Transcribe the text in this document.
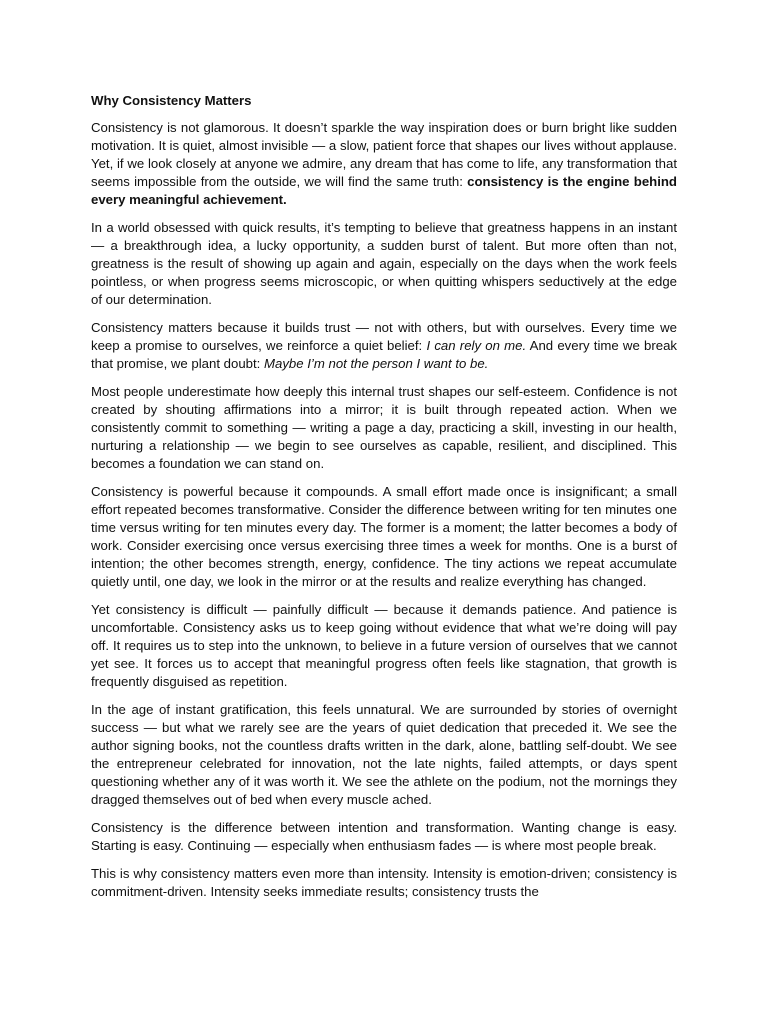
Why Consistency Matters

Consistency is not glamorous. It doesn’t sparkle the way inspiration does or burn bright like sudden motivation. It is quiet, almost invisible — a slow, patient force that shapes our lives without applause. Yet, if we look closely at anyone we admire, any dream that has come to life, any transformation that seems impossible from the outside, we will find the same truth: consistency is the engine behind every meaningful achievement.

In a world obsessed with quick results, it’s tempting to believe that greatness happens in an instant — a breakthrough idea, a lucky opportunity, a sudden burst of talent. But more often than not, greatness is the result of showing up again and again, especially on the days when the work feels pointless, or when progress seems microscopic, or when quitting whispers seductively at the edge of our determination.

Consistency matters because it builds trust — not with others, but with ourselves. Every time we keep a promise to ourselves, we reinforce a quiet belief: I can rely on me. And every time we break that promise, we plant doubt: Maybe I’m not the person I want to be.

Most people underestimate how deeply this internal trust shapes our self-esteem. Confidence is not created by shouting affirmations into a mirror; it is built through repeated action. When we consistently commit to something — writing a page a day, practicing a skill, investing in our health, nurturing a relationship — we begin to see ourselves as capable, resilient, and disciplined. This becomes a foundation we can stand on.

Consistency is powerful because it compounds. A small effort made once is insignificant; a small effort repeated becomes transformative. Consider the difference between writing for ten minutes one time versus writing for ten minutes every day. The former is a moment; the latter becomes a body of work. Consider exercising once versus exercising three times a week for months. One is a burst of intention; the other becomes strength, energy, confidence. The tiny actions we repeat accumulate quietly until, one day, we look in the mirror or at the results and realize everything has changed.

Yet consistency is difficult — painfully difficult — because it demands patience. And patience is uncomfortable. Consistency asks us to keep going without evidence that what we’re doing will pay off. It requires us to step into the unknown, to believe in a future version of ourselves that we cannot yet see. It forces us to accept that meaningful progress often feels like stagnation, that growth is frequently disguised as repetition.

In the age of instant gratification, this feels unnatural. We are surrounded by stories of overnight success — but what we rarely see are the years of quiet dedication that preceded it. We see the author signing books, not the countless drafts written in the dark, alone, battling self-doubt. We see the entrepreneur celebrated for innovation, not the late nights, failed attempts, or days spent questioning whether any of it was worth it. We see the athlete on the podium, not the mornings they dragged themselves out of bed when every muscle ached.

Consistency is the difference between intention and transformation. Wanting change is easy. Starting is easy. Continuing — especially when enthusiasm fades — is where most people break.

This is why consistency matters even more than intensity. Intensity is emotion-driven; consistency is commitment-driven. Intensity seeks immediate results; consistency trusts the
